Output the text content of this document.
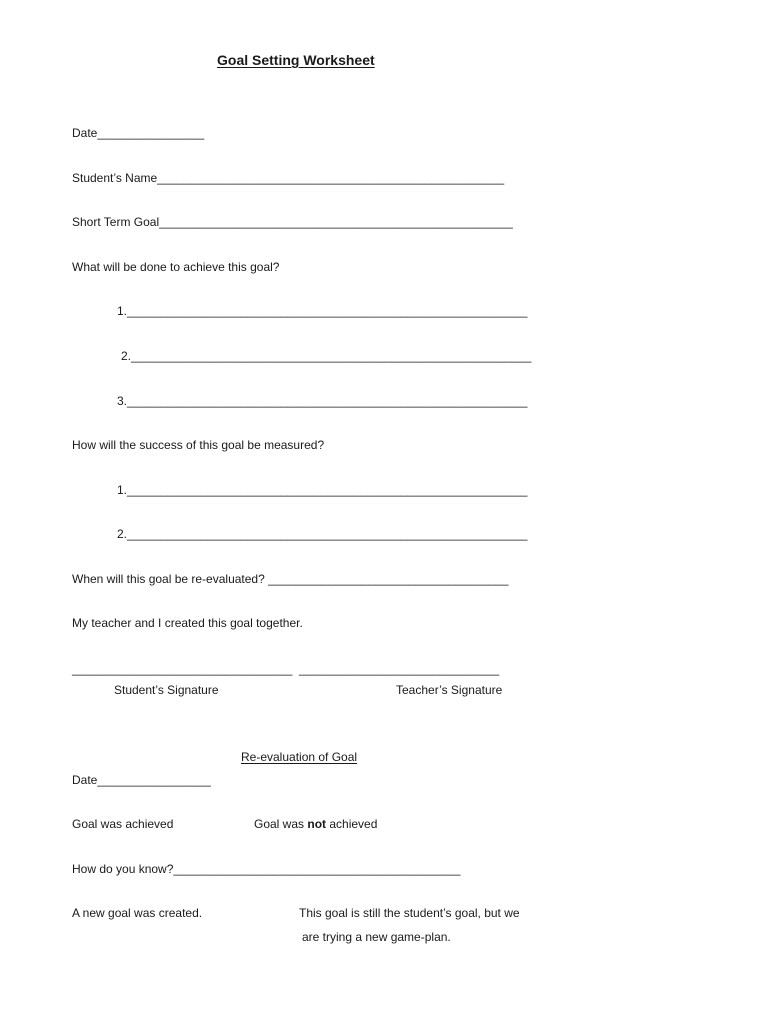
Goal Setting Worksheet
Date________________
Student’s Name____________________________________________________
Short Term Goal_____________________________________________________
What will be done to achieve this goal?
1.____________________________________________________________
2.____________________________________________________________
3.____________________________________________________________
How will the success of this goal be measured?
1.____________________________________________________________
2.____________________________________________________________
When will this goal be re-evaluated? ____________________________________
My teacher and I created this goal together.
_________________________________ ______________________________
Student’s Signature	Teacher’s Signature
Re-evaluation of Goal
Date_________________
Goal was achieved	Goal was not achieved
How do you know?___________________________________________
A new goal was created.	This goal is still the student’s goal, but we
are trying a new game-plan.
